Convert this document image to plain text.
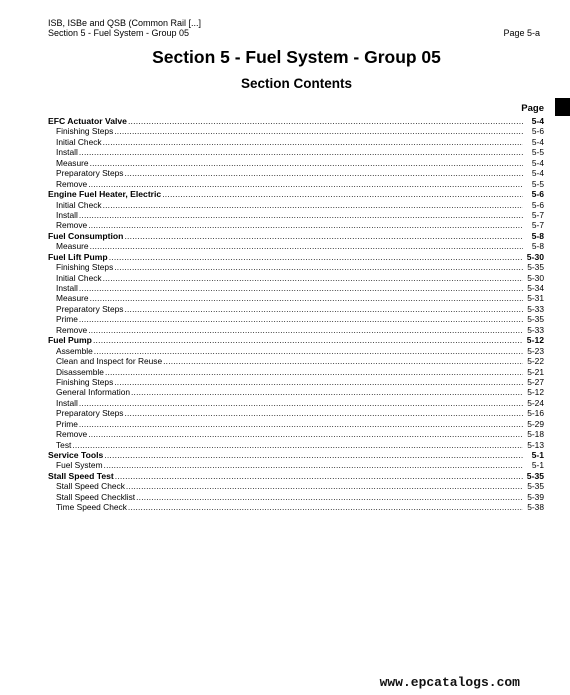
ISB, ISBe and QSB (Common Rail [...]
Section 5 - Fuel System - Group 05	Page 5-a
Section 5 - Fuel System - Group 05
Section Contents
Page
EFC Actuator Valve .....	5-4
Finishing Steps .....	5-6
Initial Check .....	5-4
Install .....	5-5
Measure .....	5-4
Preparatory Steps .....	5-4
Remove .....	5-5
Engine Fuel Heater, Electric .....	5-6
Initial Check .....	5-6
Install .....	5-7
Remove .....	5-7
Fuel Consumption .....	5-8
Measure .....	5-8
Fuel Lift Pump .....	5-30
Finishing Steps .....	5-35
Initial Check .....	5-30
Install .....	5-34
Measure .....	5-31
Preparatory Steps .....	5-33
Prime .....	5-35
Remove .....	5-33
Fuel Pump .....	5-12
Assemble .....	5-23
Clean and Inspect for Reuse .....	5-22
Disassemble .....	5-21
Finishing Steps .....	5-27
General Information .....	5-12
Install .....	5-24
Preparatory Steps .....	5-16
Prime .....	5-29
Remove .....	5-18
Test .....	5-13
Service Tools .....	5-1
Fuel System .....	5-1
Stall Speed Test .....	5-35
Stall Speed Check .....	5-35
Stall Speed Checklist .....	5-39
Time Speed Check .....	5-38
www.epcatalogs.com
